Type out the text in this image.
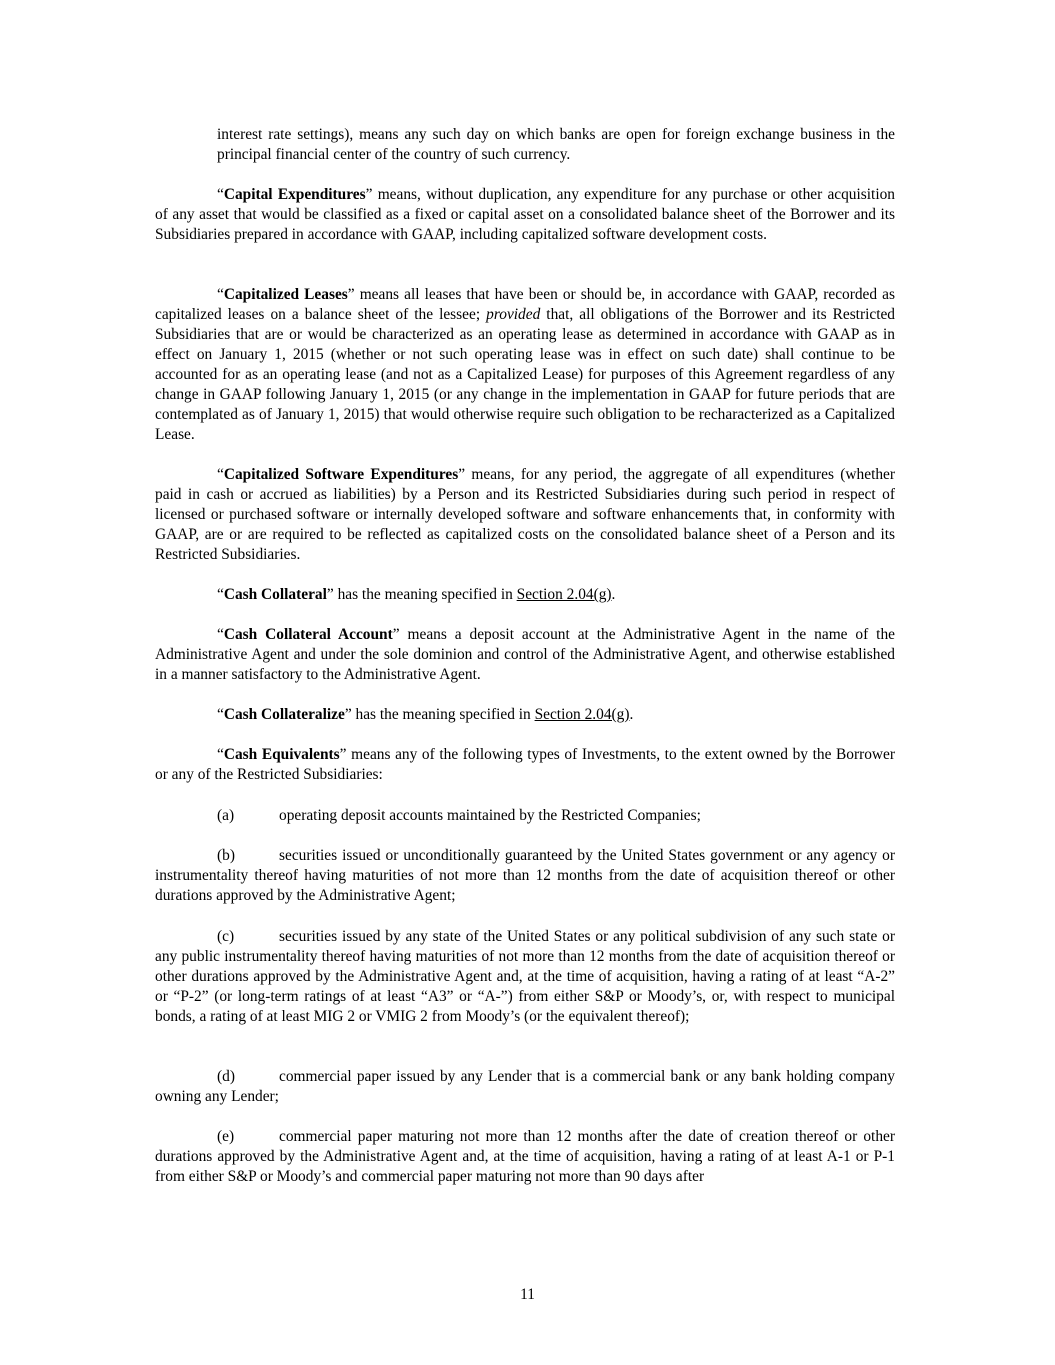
interest rate settings), means any such day on which banks are open for foreign exchange business in the principal financial center of the country of such currency.

“Capital Expenditures” means, without duplication, any expenditure for any purchase or other acquisition of any asset that would be classified as a fixed or capital asset on a consolidated balance sheet of the Borrower and its Subsidiaries prepared in accordance with GAAP, including capitalized software development costs.

“Capitalized Leases” means all leases that have been or should be, in accordance with GAAP, recorded as capitalized leases on a balance sheet of the lessee; provided that, all obligations of the Borrower and its Restricted Subsidiaries that are or would be characterized as an operating lease as determined in accordance with GAAP as in effect on January 1, 2015 (whether or not such operating lease was in effect on such date) shall continue to be accounted for as an operating lease (and not as a Capitalized Lease) for purposes of this Agreement regardless of any change in GAAP following January 1, 2015 (or any change in the implementation in GAAP for future periods that are contemplated as of January 1, 2015) that would otherwise require such obligation to be recharacterized as a Capitalized Lease.

“Capitalized Software Expenditures” means, for any period, the aggregate of all expenditures (whether paid in cash or accrued as liabilities) by a Person and its Restricted Subsidiaries during such period in respect of licensed or purchased software or internally developed software and software enhancements that, in conformity with GAAP, are or are required to be reflected as capitalized costs on the consolidated balance sheet of a Person and its Restricted Subsidiaries.

“Cash Collateral” has the meaning specified in Section 2.04(g).

“Cash Collateral Account” means a deposit account at the Administrative Agent in the name of the Administrative Agent and under the sole dominion and control of the Administrative Agent, and otherwise established in a manner satisfactory to the Administrative Agent.

“Cash Collateralize” has the meaning specified in Section 2.04(g).

“Cash Equivalents” means any of the following types of Investments, to the extent owned by the Borrower or any of the Restricted Subsidiaries:

(a)	operating deposit accounts maintained by the Restricted Companies;

(b)	securities issued or unconditionally guaranteed by the United States government or any agency or instrumentality thereof having maturities of not more than 12 months from the date of acquisition thereof or other durations approved by the Administrative Agent;

(c)	securities issued by any state of the United States or any political subdivision of any such state or any public instrumentality thereof having maturities of not more than 12 months from the date of acquisition thereof or other durations approved by the Administrative Agent and, at the time of acquisition, having a rating of at least “A-2” or “P-2” (or long-term ratings of at least “A3” or “A-”) from either S&P or Moody’s, or, with respect to municipal bonds, a rating of at least MIG 2 or VMIG 2 from Moody’s (or the equivalent thereof);

(d)	commercial paper issued by any Lender that is a commercial bank or any bank holding company owning any Lender;

(e)	commercial paper maturing not more than 12 months after the date of creation thereof or other durations approved by the Administrative Agent and, at the time of acquisition, having a rating of at least A-1 or P-1 from either S&P or Moody’s and commercial paper maturing not more than 90 days after

11
